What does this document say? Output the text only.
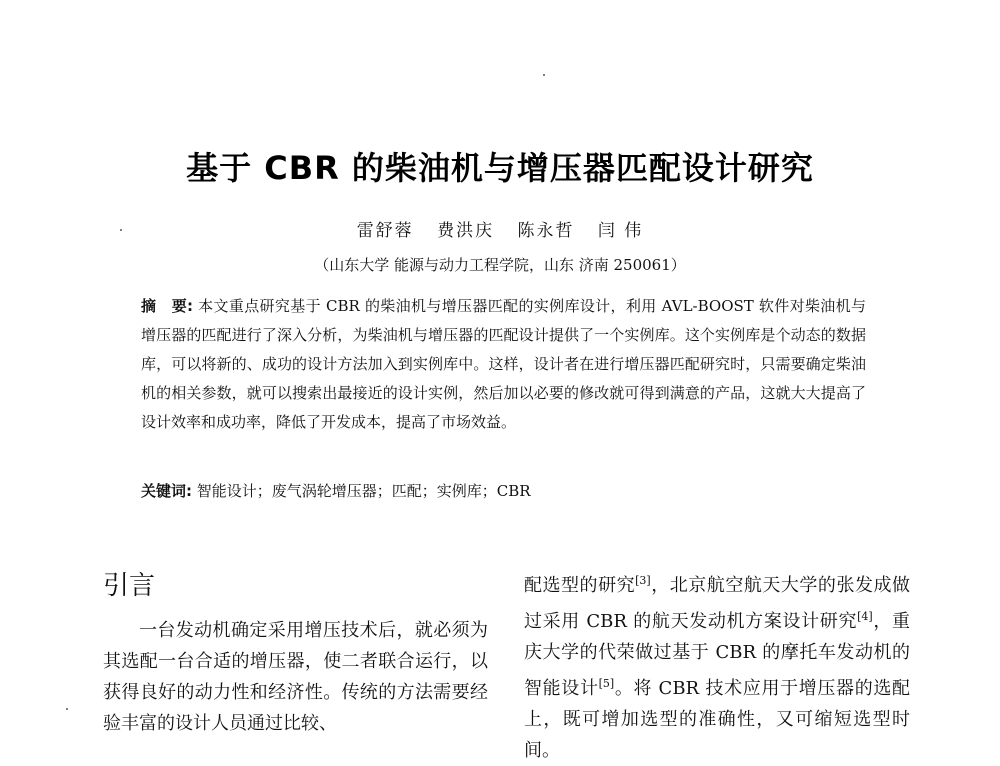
基于 CBR 的柴油机与增压器匹配设计研究
雷舒蓉 费洪庆 陈永哲 闫 伟
（山东大学 能源与动力工程学院，山东 济南 250061）
摘　要: 本文重点研究基于 CBR 的柴油机与增压器匹配的实例库设计，利用 AVL-BOOST 软件对柴油机与增压器的匹配进行了深入分析，为柴油机与增压器的匹配设计提供了一个实例库。这个实例库是个动态的数据库，可以将新的、成功的设计方法加入到实例库中。这样，设计者在进行增压器匹配研究时，只需要确定柴油机的相关参数，就可以搜索出最接近的设计实例，然后加以必要的修改就可得到满意的产品，这就大大提高了设计效率和成功率，降低了开发成本，提高了市场效益。
关键词: 智能设计；废气涡轮增压器；匹配；实例库；CBR
引言
一台发动机确定采用增压技术后，就必须为其选配一台合适的增压器，使二者联合运行，以获得良好的动力性和经济性。传统的方法需要经验丰富的设计人员通过比较、
配选型的研究[3]，北京航空航天大学的张发成做过采用 CBR 的航天发动机方案设计研究[4]，重庆大学的代荣做过基于 CBR 的摩托车发动机的智能设计[5]。将 CBR 技术应用于增压器的选配上，既可增加选型的准确性，又可缩短选型时间。
